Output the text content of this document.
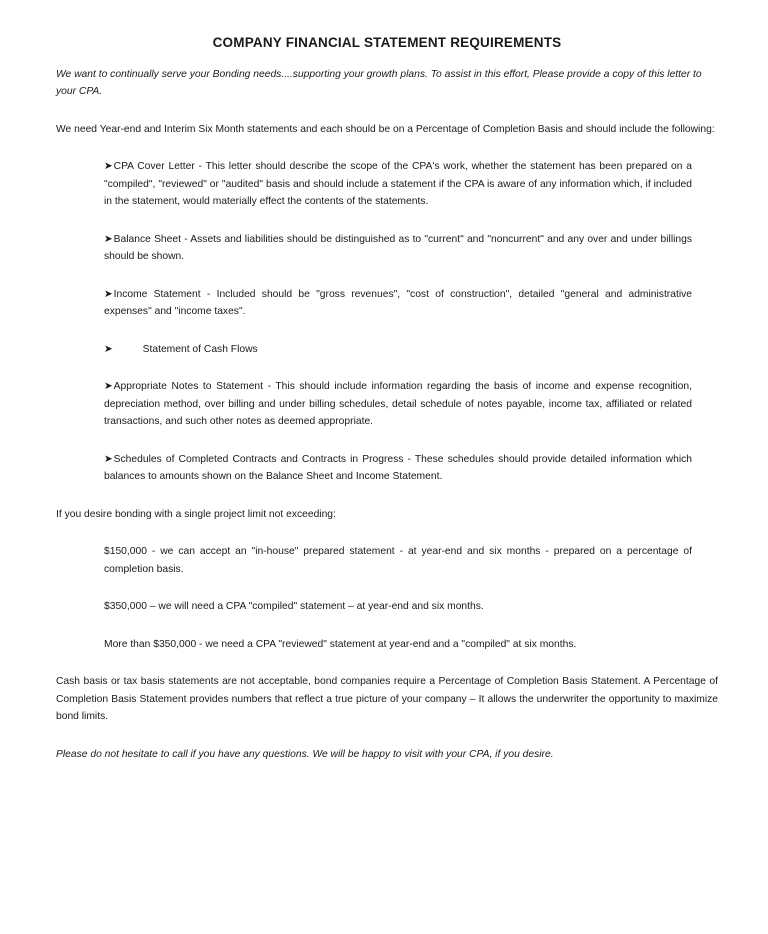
COMPANY FINANCIAL STATEMENT REQUIREMENTS

We want to continually serve your Bonding needs....supporting your growth plans. To assist in this effort, Please provide a copy of this letter to your CPA.

We need Year-end and Interim Six Month statements and each should be on a Percentage of Completion Basis and should include the following:

➤CPA Cover Letter - This letter should describe the scope of the CPA's work, whether the statement has been prepared on a "compiled", "reviewed" or "audited" basis and should include a statement if the CPA is aware of any information which, if included in the statement, would materially effect the contents of the statements.
➤Balance Sheet - Assets and liabilities should be distinguished as to "current" and "noncurrent" and any over and under billings should be shown.
➤Income Statement - Included should be "gross revenues", "cost of construction", detailed "general and administrative expenses" and "income taxes".
➤	Statement of Cash Flows
➤Appropriate Notes to Statement - This should include information regarding the basis of income and expense recognition, depreciation method, over billing and under billing schedules, detail schedule of notes payable, income tax, affiliated or related transactions, and such other notes as deemed appropriate.
➤Schedules of Completed Contracts and Contracts in Progress - These schedules should provide detailed information which balances to amounts shown on the Balance Sheet and Income Statement.

If you desire bonding with a single project limit not exceeding:

$150,000 - we can accept an "in-house" prepared statement - at year-end and six months - prepared on a percentage of completion basis.

$350,000 – we will need a CPA "compiled" statement – at year-end and six months.

More than $350,000 - we need a CPA "reviewed" statement at year-end and a "compiled" at six months.

Cash basis or tax basis statements are not acceptable, bond companies require a Percentage of Completion Basis Statement. A Percentage of Completion Basis Statement provides numbers that reflect a true picture of your company – It allows the underwriter the opportunity to maximize bond limits.

Please do not hesitate to call if you have any questions. We will be happy to visit with your CPA, if you desire.
